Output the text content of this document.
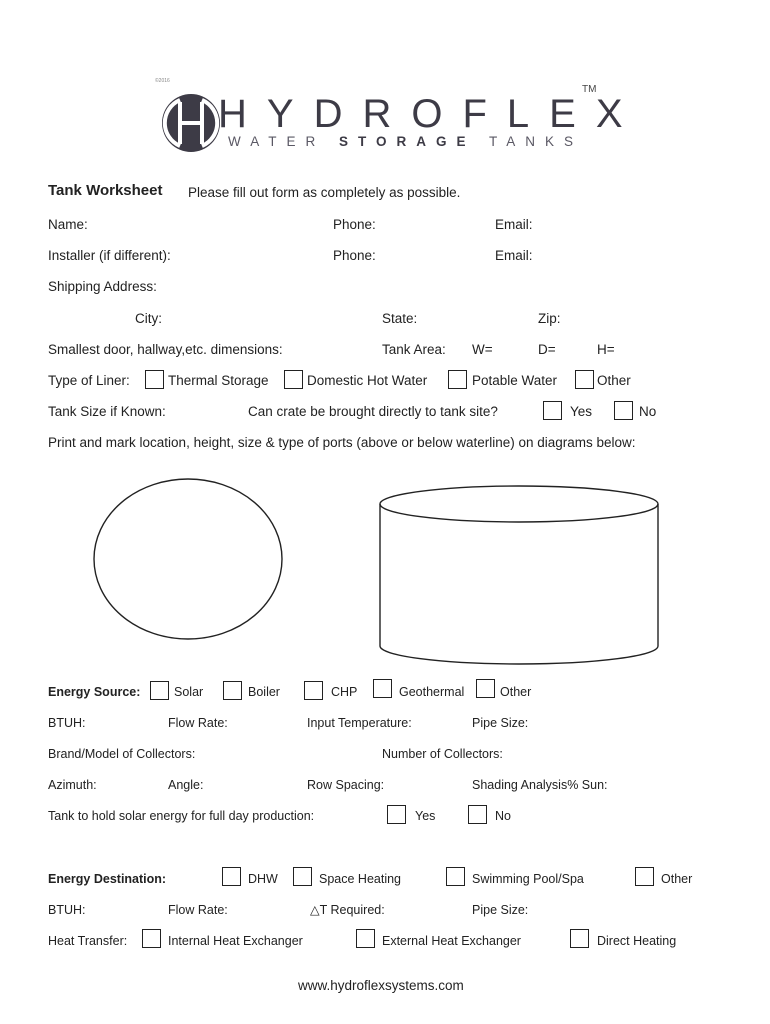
©2016
HYDROFLEX
TM
WATER STORAGE TANKS
Tank Worksheet Please fill out form as completely as possible.
Name:	Phone:	Email:
Installer (if different):	Phone:	Email:
Shipping Address:
City:	State:	Zip:
Smallest door, hallway,etc. dimensions:	Tank Area: W=	D=	H=
Type of Liner:	Thermal Storage	Domestic Hot Water	Potable Water	Other
Tank Size if Known:	Can crate be brought directly to tank site?	Yes	No
Print and mark location, height, size & type of ports (above or below waterline) on diagrams below:
Energy Source:	Solar	Boiler	CHP	Geothermal	Other
BTUH:	Flow Rate:	Input Temperature:	Pipe Size:
Brand/Model of Collectors:	Number of Collectors:
Azimuth:	Angle:	Row Spacing:	Shading Analysis% Sun:
Tank to hold solar energy for full day production:	Yes	No
Energy Destination:	DHW	Space Heating	Swimming Pool/Spa	Other
BTUH:	Flow Rate:	△T Required:	Pipe Size:
Heat Transfer:	Internal Heat Exchanger	External Heat Exchanger	Direct Heating
www.hydroflexsystems.com
